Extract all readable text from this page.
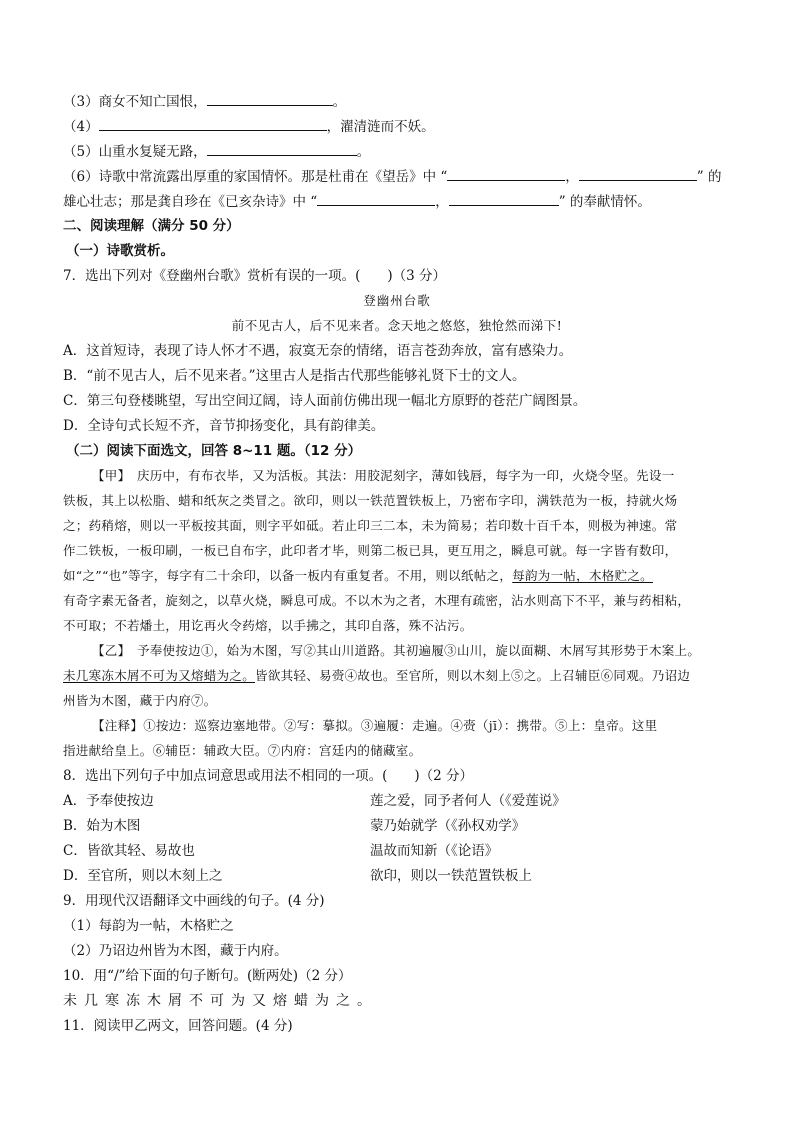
（3）商女不知亡国恨，	。
（4）	，濯清涟而不妖。
（5）山重水复疑无路，	。
（6）诗歌中常流露出厚重的家国情怀。那是杜甫在《望岳》中 “	，	” 的
雄心壮志；那是龚自珍在《已亥杂诗》中 “	，	” 的奉献情怀。
二、阅读理解（满分 50 分）
（一）诗歌赏析。
7．选出下列对《登幽州台歌》赏析有误的一项。(　　)（3 分）
登幽州台歌
前不见古人，后不见来者。念天地之悠悠，独怆然而涕下!
A．这首短诗，表现了诗人怀才不遇，寂寞无奈的情绪，语言苍劲奔放，富有感染力。
B．“前不见古人，后不见来者。”这里古人是指古代那些能够礼贤下士的文人。
C．第三句登楼眺望，写出空间辽阔，诗人面前仿佛出现一幅北方原野的苍茫广阔图景。
D．全诗句式长短不齐，音节抑扬变化，具有韵律美。
（二）阅读下面选文，回答 8~11 题。（12 分）
【甲】　庆历中，有布衣毕，又为活板。其法：用胶泥刻字，薄如钱唇，每字为一印，火烧令坚。先设一
铁板，其上以松脂、蜡和纸灰之类冒之。欲印，则以一铁范置铁板上，乃密布字印，满铁范为一板，持就火炀
之；药稍熔，则以一平板按其面，则字平如砥。若止印三二本，未为简易；若印数十百千本，则极为神速。常
作二铁板，一板印刷，一板已自布字，此印者才毕，则第二板已具，更互用之，瞬息可就。每一字皆有数印，
如“之”“也”等字，每字有二十余印，以备一板内有重复者。不用，则以纸帖之，每韵为一帖，木格贮之。
有奇字素无备者，旋刻之，以草火烧，瞬息可成。不以木为之者，木理有疏密，沾水则高下不平，兼与药相粘，
不可取；不若燔土，用讫再火令药熔，以手拂之，其印自落，殊不沾污。
【乙】　予奉使按边①，始为木图，写②其山川道路。其初遍履③山川，旋以面糊、木屑写其形势于木案上。
未几寒冻木屑不可为又熔蜡为之。皆欲其轻、易赍④故也。至官所，则以木刻上⑤之。上召辅臣⑥同观。乃诏边
州皆为木图，藏于内府⑦。
【注释】①按边：巡察边塞地带。②写：摹拟。③遍履：走遍。④赍（jī）：携带。⑤上：皇帝。这里
指进献给皇上。⑥辅臣：辅政大臣。⑦内府：宫廷内的储藏室。
8．选出下列句子中加点词意思或用法不相同的一项。(　　)（2 分）
A．予奉使按边	莲之爱，同予者何人（《爱莲说》
B．始为木图	蒙乃始就学（《孙权劝学》
C．皆欲其轻、易故也	温故而知新（《论语》
D．至官所，则以木刻上之	欲印，则以一铁范置铁板上
9．用现代汉语翻译文中画线的句子。(4 分)
（1）每韵为一帖，木格贮之
（2）乃诏边州皆为木图，藏于内府。
10．用“/”给下面的句子断句。(断两处)（2 分）
未几寒冻木屑不可为又熔蜡为之。
11．阅读甲乙两文，回答问题。(4 分)
